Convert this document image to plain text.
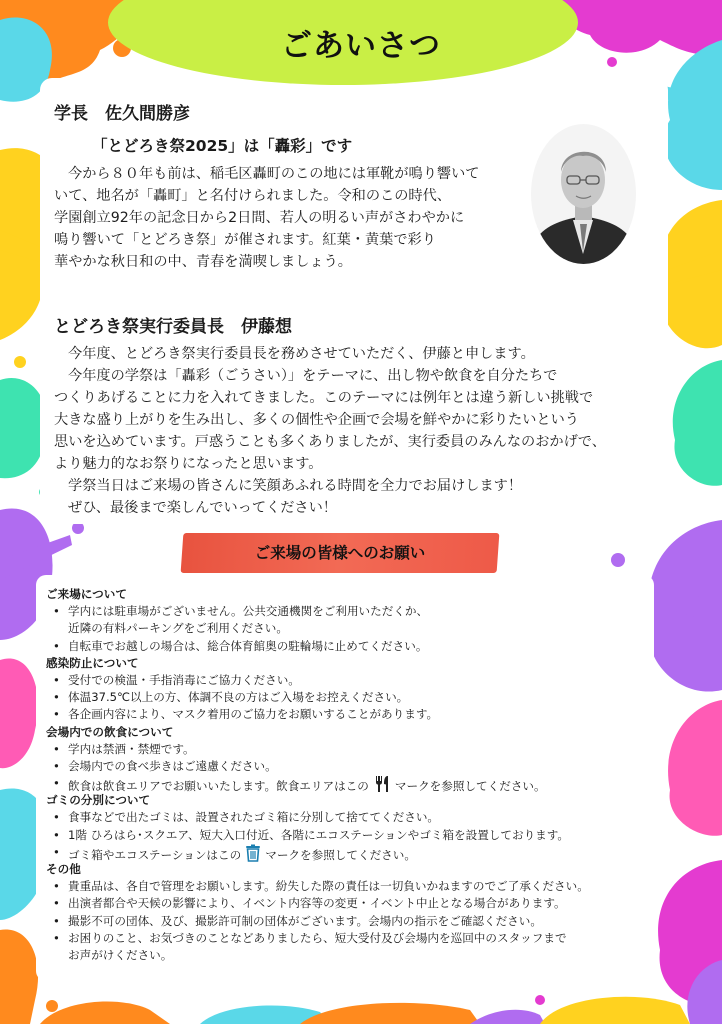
ごあいさつ
学長　佐久間勝彦
「とどろき祭2025」は「轟彩」です
今から８０年も前は、稲毛区轟町のこの地には軍靴が鳴り響いて
いて、地名が「轟町」と名付けられました。令和のこの時代、
学園創立92年の記念日から2日間、若人の明るい声がさわやかに
鳴り響いて「とどろき祭」が催されます。紅葉・黄葉で彩り
華やかな秋日和の中、青春を満喫しましょう。
とどろき祭実行委員長　伊藤想
今年度、とどろき祭実行委員長を務めさせていただく、伊藤と申します。
今年度の学祭は「轟彩（ごうさい）」をテーマに、出し物や飲食を自分たちで
つくりあげることに力を入れてきました。このテーマには例年とは違う新しい挑戦で
大きな盛り上がりを生み出し、多くの個性や企画で会場を鮮やかに彩りたいという
思いを込めています。戸惑うことも多くありましたが、実行委員のみんなのおかげで、
より魅力的なお祭りになったと思います。
学祭当日はご来場の皆さんに笑顔あふれる時間を全力でお届けします！
ぜひ、最後まで楽しんでいってください！
ご来場の皆様へのお願い
ご来場について
• 学内には駐車場がございません。公共交通機関をご利用いただくか、
近隣の有料パーキングをご利用ください。
• 自転車でお越しの場合は、総合体育館奥の駐輪場に止めてください。
感染防止について
• 受付での検温・手指消毒にご協力ください。
• 体温37.5℃以上の方、体調不良の方はご入場をお控えください。
• 各企画内容により、マスク着用のご協力をお願いすることがあります。
会場内での飲食について
• 学内は禁酒・禁煙です。
• 会場内での食べ歩きはご遠慮ください。
• 飲食は飲食エリアでお願いいたします。飲食エリアはこの マークを参照してください。
ゴミの分別について
• 食事などで出たゴミは、設置されたゴミ箱に分別して捨ててください。
• 1階 ひろはら･スクエア、短大入口付近、各階にエコステーションやゴミ箱を設置しております。
• ゴミ箱やエコステーションはこの マークを参照してください。
その他
• 貴重品は、各自で管理をお願いします。紛失した際の責任は一切負いかねますのでご了承ください。
• 出演者都合や天候の影響により、イベント内容等の変更・イベント中止となる場合があります。
• 撮影不可の団体、及び、撮影許可制の団体がございます。会場内の指示をご確認ください。
• お困りのこと、お気づきのことなどありましたら、短大受付及び会場内を巡回中のスタッフまで
お声がけください。
